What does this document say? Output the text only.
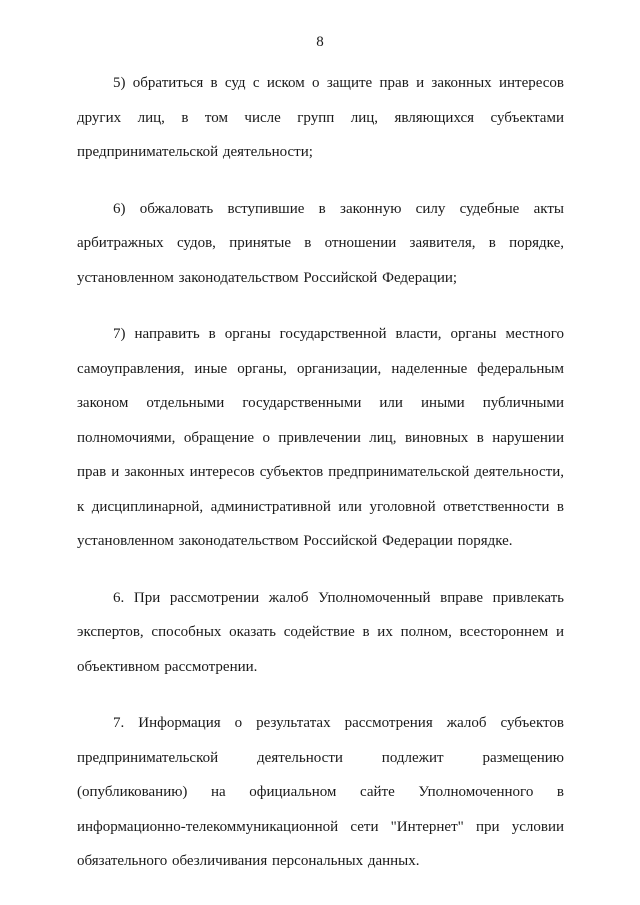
8

5) обратиться в суд с иском о защите прав и законных интересов других лиц, в том числе групп лиц, являющихся субъектами предпринимательской деятельности;

6) обжаловать вступившие в законную силу судебные акты арбитражных судов, принятые в отношении заявителя, в порядке, установленном законодательством Российской Федерации;

7) направить в органы государственной власти, органы местного самоуправления, иные органы, организации, наделенные федеральным законом отдельными государственными или иными публичными полномочиями, обращение о привлечении лиц, виновных в нарушении прав и законных интересов субъектов предпринимательской деятельности, к дисциплинарной, административной или уголовной ответственности в установленном законодательством Российской Федерации порядке.

6. При рассмотрении жалоб Уполномоченный вправе привлекать экспертов, способных оказать содействие в их полном, всестороннем и объективном рассмотрении.

7. Информация о результатах рассмотрения жалоб субъектов предпринимательской деятельности подлежит размещению (опубликованию) на официальном сайте Уполномоченного в информационно-телекоммуникационной сети "Интернет" при условии обязательного обезличивания персональных данных.
